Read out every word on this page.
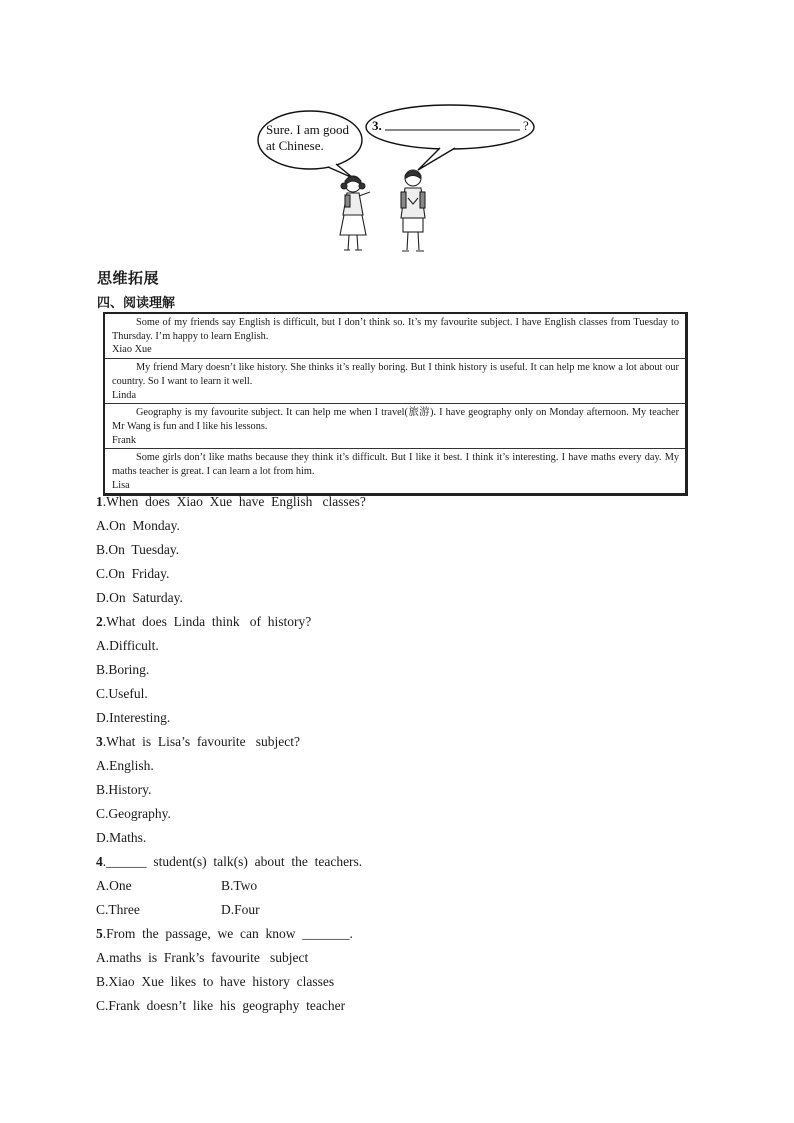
Sure. I am good
at Chinese.
3.	?
思维拓展
四、阅读理解
Some of my friends say English is difficult, but I don’t think so. It’s my favourite subject. I have English classes from Tuesday to Thursday. I’m happy to learn English.
Xiao Xue
My friend Mary doesn’t like history. She thinks it’s really boring. But I think history is useful. It can help me know a lot about our country. So I want to learn it well.
Linda
Geography is my favourite subject. It can help me when I travel(旅游). I have geography only on Monday afternoon. My teacher Mr Wang is fun and I like his lessons.
Frank
Some girls don’t like maths because they think it’s difficult. But I like it best. I think it’s interesting. I have maths every day. My maths teacher is great. I can learn a lot from him.
Lisa
1.When  does  Xiao  Xue  have  English   classes?
A.On  Monday.
B.On  Tuesday.
C.On  Friday.
D.On  Saturday.
2.What  does  Linda  think   of  history?
A.Difficult.
B.Boring.
C.Useful.
D.Interesting.
3.What  is  Lisa’s  favourite   subject?
A.English.
B.History.
C.Geography.
D.Maths.
4.______  student(s)  talk(s)  about  the  teachers.
A.One	B.Two
C.Three	D.Four
5.From  the  passage,  we  can  know  _______.
A.maths  is  Frank’s  favourite   subject
B.Xiao  Xue  likes  to  have  history  classes
C.Frank  doesn’t  like  his  geography  teacher
